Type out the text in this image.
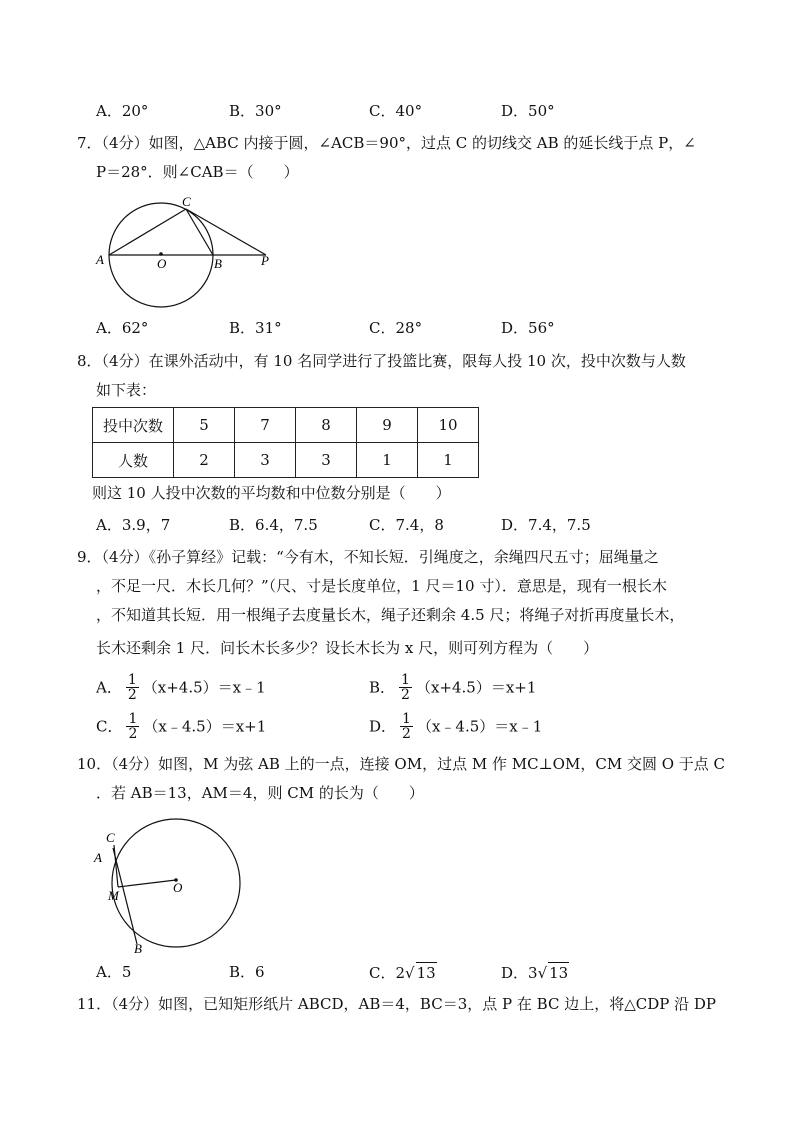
A．20°	B．30°	C．40°	D．50°
7．（4分）如图，△ABC 内接于圆，∠ACB＝90°，过点 C 的切线交 AB 的延长线于点 P，∠
P＝28°．则∠CAB＝（　　）
A	O	B	P
C
A．62°	B．31°	C．28°	D．56°
8．（4分）在课外活动中，有 10 名同学进行了投篮比赛，限每人投 10 次，投中次数与人数
如下表：
投中次数	5	7	8	9	10
人数	2	3	3	1	1
则这 10 人投中次数的平均数和中位数分别是（　　）
A．3.9，7	B．6.4，7.5	C．7.4，8	D．7.4，7.5
9．（4分）《孙子算经》记载：“今有木，不知长短．引绳度之，余绳四尺五寸；屈绳量之
，不足一尺．木长几何？”（尺、寸是长度单位，1 尺＝10 寸）．意思是，现有一根长木
，不知道其长短．用一根绳子去度量长木，绳子还剩余 4.5 尺；将绳子对折再度量长木，
长木还剩余 1 尺．问长木长多少？设长木长为 x 尺，则可列方程为（　　）
A． $\frac{1}{2}$ （x+4.5）＝x﹣1	B． $\frac{1}{2} (x+4.5)=x+1$
C． $\frac{1}{2}$ （x﹣4.5）＝x+1	D． $\frac{1}{2}$ （x﹣4.5）＝x﹣1
10．（4分）如图，M 为弦 AB 上的一点，连接 OM，过点 M 作 MC⊥OM，CM 交圆 O 于点 C
．若 AB＝13，AM＝4，则 CM 的长为（　　）
C
A
M
O
B
A．5	B．6	C．2√ 13	D．3√ 13
11．（4分）如图，已知矩形纸片 ABCD，AB＝4，BC＝3，点 P 在 BC 边上，将△CDP 沿 DP
